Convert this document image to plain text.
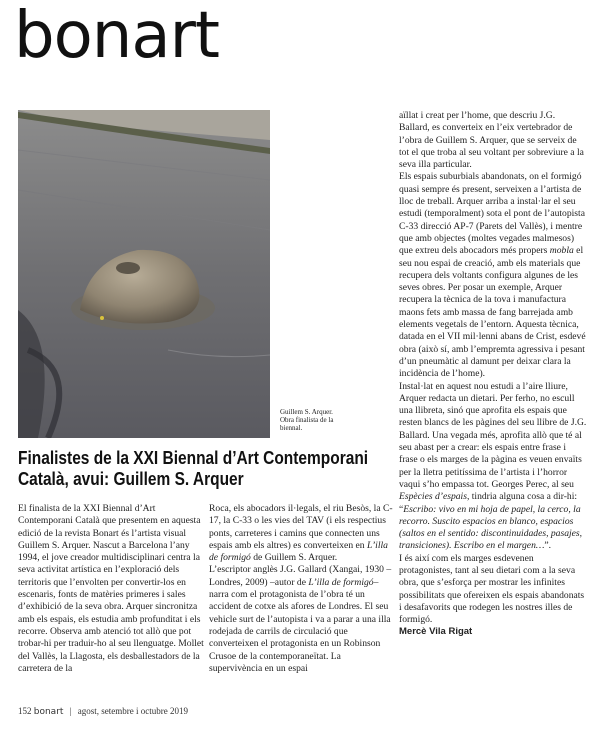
bonart
Guillem S. Arquer. Obra finalista de la biennal.
Finalistes de la XXI Biennal d’Art Contemporani
Català, avui: Guillem S. Arquer

El finalista de la XXI Biennal d’Art Contemporani Català que presentem en aquesta edició de la revista Bonart és l’artista visual Guillem S. Arquer. Nascut a Barcelona l’any 1994, el jove creador multidisciplinari centra la seva activitat artística en l’exploració dels territoris que l’envolten per convertir-los en escenaris, fonts de matèries primeres i sales d’exhibició de la seva obra. Arquer sincronitza amb els espais, els estudia amb profunditat i els recorre. Observa amb atenció tot allò que pot trobar-hi per traduir-ho al seu llenguatge. Mollet del Vallès, la Llagosta, els desballestadors de la carretera de la

Roca, els abocadors il·legals, el riu Besòs, la C-17, la C-33 o les vies del TAV (i els respectius ponts, carreteres i camins que connecten uns espais amb els altres) es converteixen en L’illa de formigó de Guillem S. Arquer.

L’escriptor anglès J.G. Gallard (Xangai, 1930 – Londres, 2009) –autor de L’illa de formigó– narra com el protagonista de l’obra té un accident de cotxe als afores de Londres. El seu vehicle surt de l’autopista i va a parar a una illa rodejada de carrils de circulació que converteixen el protagonista en un Robinson Crusoe de la contemporaneïtat. La supervivència en un espai

aïllat i creat per l’home, que descriu J.G. Ballard, es converteix en l’eix vertebrador de l’obra de Guillem S. Arquer, que se serveix de tot el que troba al seu voltant per sobreviure a la seva illa particular.

Els espais suburbials abandonats, on el formigó quasi sempre és present, serveixen a l’artista de lloc de treball. Arquer arriba a instal·lar el seu estudi (temporalment) sota el pont de l’autopista C-33 direcció AP-7 (Parets del Vallès), i mentre que amb objectes (moltes vegades malmesos) que extreu dels abocadors més propers mobla el seu nou espai de creació, amb els materials que recupera dels voltants configura algunes de les seves obres. Per posar un exemple, Arquer recupera la tècnica de la tova i manufactura maons fets amb massa de fang barrejada amb elements vegetals de l’entorn. Aquesta tècnica, datada en el VII mil·lenni abans de Crist, esdevé obra (això sí, amb l’empremta agressiva i pesant d’un pneumàtic al damunt per deixar clara la incidència de l’home).

Instal·lat en aquest nou estudi a l’aire lliure, Arquer redacta un dietari. Per ferho, no escull una llibreta, sinó que aprofita els espais que resten blancs de les pàgines del seu llibre de J.G. Ballard. Una vegada més, aprofita allò que té al seu abast per a crear: els espais entre frase i frase o els marges de la pàgina es veuen envaïts per la lletra petitíssima de l’artista i l’horror vaqui s’ho empassa tot. Georges Perec, al seu Espècies d’espais, tindria alguna cosa a dir-hi: “Escribo: vivo en mi hoja de papel, la cerco, la recorro. Suscito espacios en blanco, espacios (saltos en el sentido: discontinuidades, pasajes, transiciones). Escribo en el margen…”.

I és així com els marges esdevenen protagonistes, tant al seu dietari com a la seva obra, que s’esforça per mostrar les infinites possibilitats que ofereixen els espais abandonats i desafavorits que rodegen les nostres illes de formigó.

Mercè Vila Rigat

152 bonart | agost, setembre i octubre 2019
